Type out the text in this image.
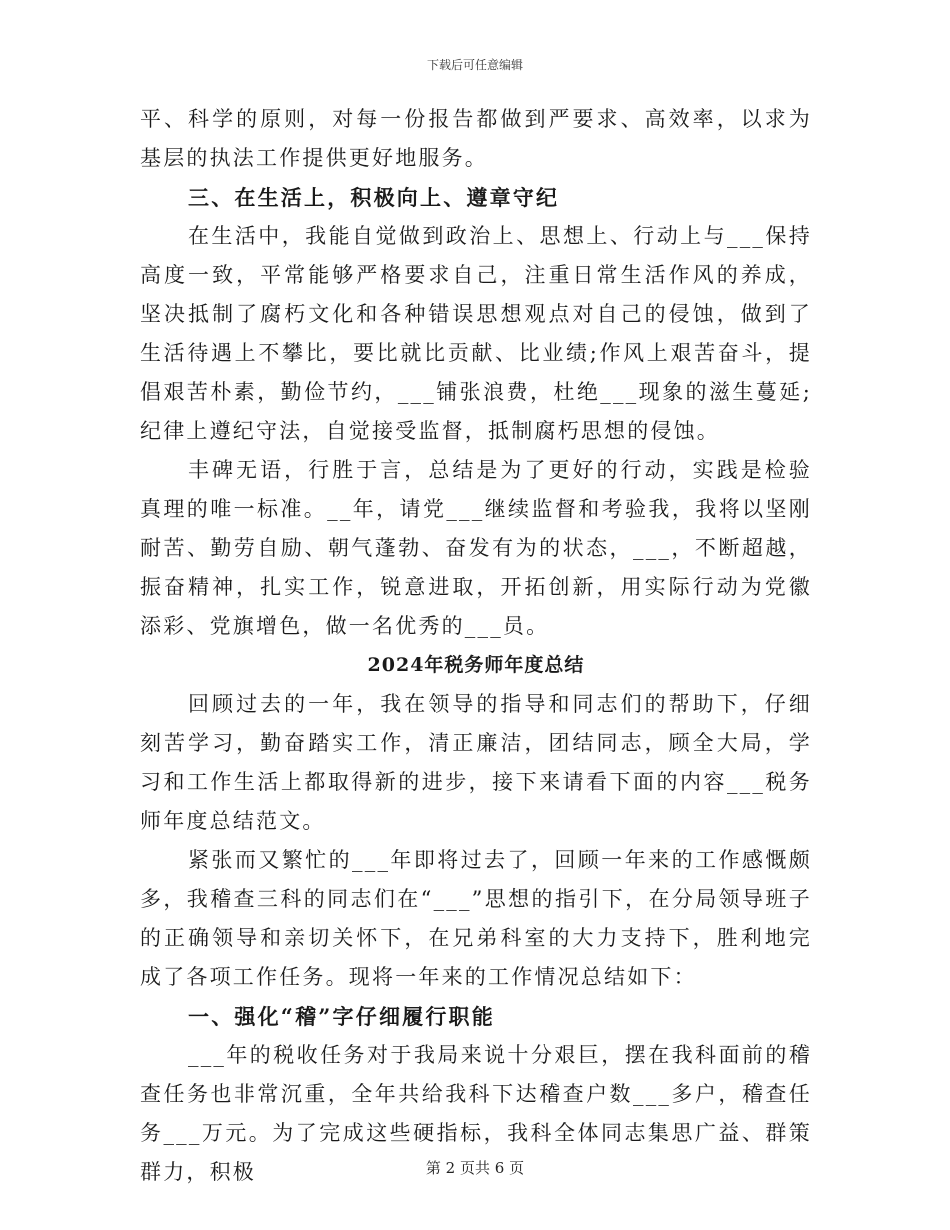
下载后可任意编辑

平、科学的原则，对每一份报告都做到严要求、高效率，以求为基层的执法工作提供更好地服务。

三、在生活上，积极向上、遵章守纪

在生活中，我能自觉做到政治上、思想上、行动上与___保持高度一致，平常能够严格要求自己，注重日常生活作风的养成，坚决抵制了腐朽文化和各种错误思想观点对自己的侵蚀，做到了生活待遇上不攀比，要比就比贡献、比业绩;作风上艰苦奋斗，提倡艰苦朴素，勤俭节约，___铺张浪费，杜绝___现象的滋生蔓延;纪律上遵纪守法，自觉接受监督，抵制腐朽思想的侵蚀。

丰碑无语，行胜于言，总结是为了更好的行动，实践是检验真理的唯一标准。__年，请党___继续监督和考验我，我将以坚刚耐苦、勤劳自励、朝气蓬勃、奋发有为的状态，___，不断超越，振奋精神，扎实工作，锐意进取，开拓创新，用实际行动为党徽添彩、党旗增色，做一名优秀的___员。

2024年税务师年度总结

回顾过去的一年，我在领导的指导和同志们的帮助下，仔细刻苦学习，勤奋踏实工作，清正廉洁，团结同志，顾全大局，学习和工作生活上都取得新的进步，接下来请看下面的内容___税务师年度总结范文。

紧张而又繁忙的___年即将过去了，回顾一年来的工作感慨颇多，我稽查三科的同志们在“___”思想的指引下，在分局领导班子的正确领导和亲切关怀下，在兄弟科室的大力支持下，胜利地完成了各项工作任务。现将一年来的工作情况总结如下：

一、强化“稽”字仔细履行职能

___年的税收任务对于我局来说十分艰巨，摆在我科面前的稽查任务也非常沉重，全年共给我科下达稽查户数___多户，稽查任务___万元。为了完成这些硬指标，我科全体同志集思广益、群策群力，积极	第 2 页共 6 页
